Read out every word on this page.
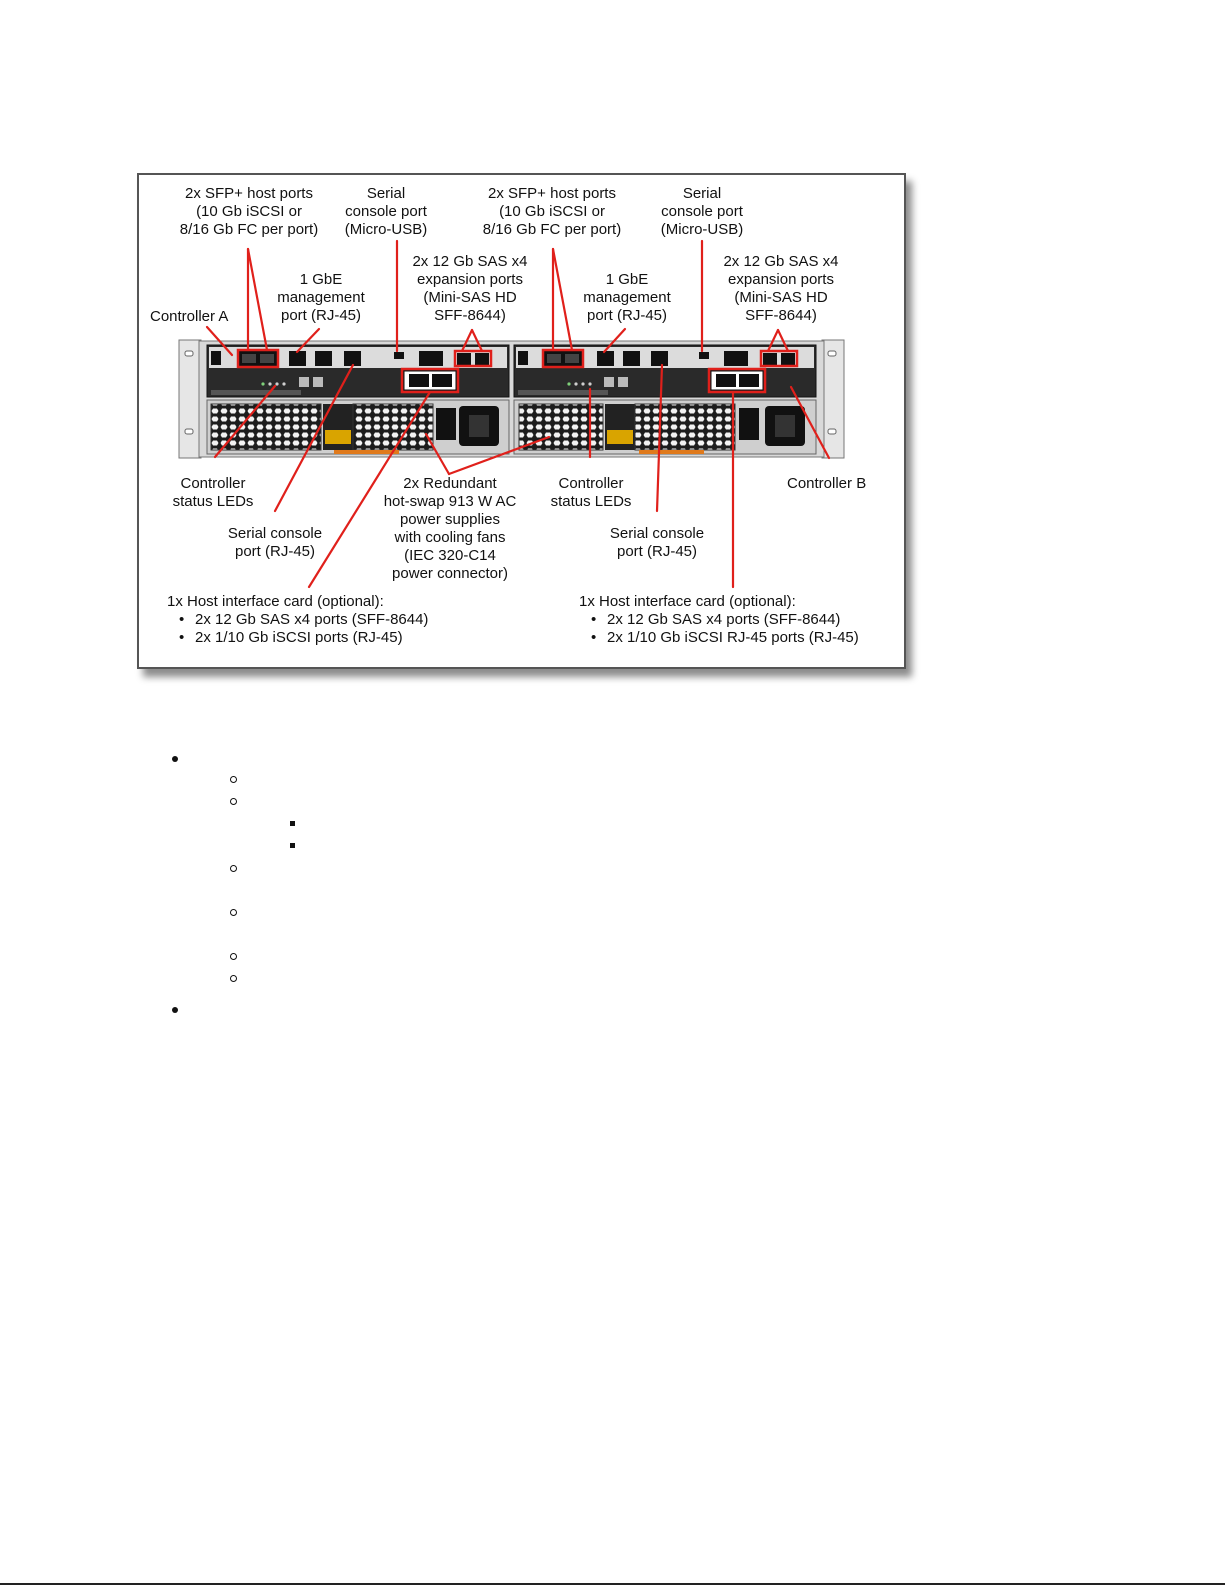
2x SFP+ host ports
(10 Gb iSCSI or
8/16 Gb FC per port)
Serial
console port
(Micro-USB)
2x SFP+ host ports
(10 Gb iSCSI or
8/16 Gb FC per port)
Serial
console port
(Micro-USB)
1 GbE
management
port (RJ-45)
2x 12 Gb SAS x4
expansion ports
(Mini-SAS HD
SFF-8644)
1 GbE
management
port (RJ-45)
2x 12 Gb SAS x4
expansion ports
(Mini-SAS HD
SFF-8644)
Controller A
Controller B
Controller
status LEDs
Controller
status LEDs
Serial console
port (RJ-45)
Serial console
port (RJ-45)
2x Redundant
hot-swap 913 W AC
power supplies
with cooling fans
(IEC 320-C14
power connector)
1x Host interface card (optional):
• 2x 12 Gb SAS x4 ports (SFF-8644)
• 2x 1/10 Gb iSCSI ports (RJ-45)
1x Host interface card (optional):
• 2x 12 Gb SAS x4 ports (SFF-8644)
• 2x 1/10 Gb iSCSI RJ-45 ports (RJ-45)
